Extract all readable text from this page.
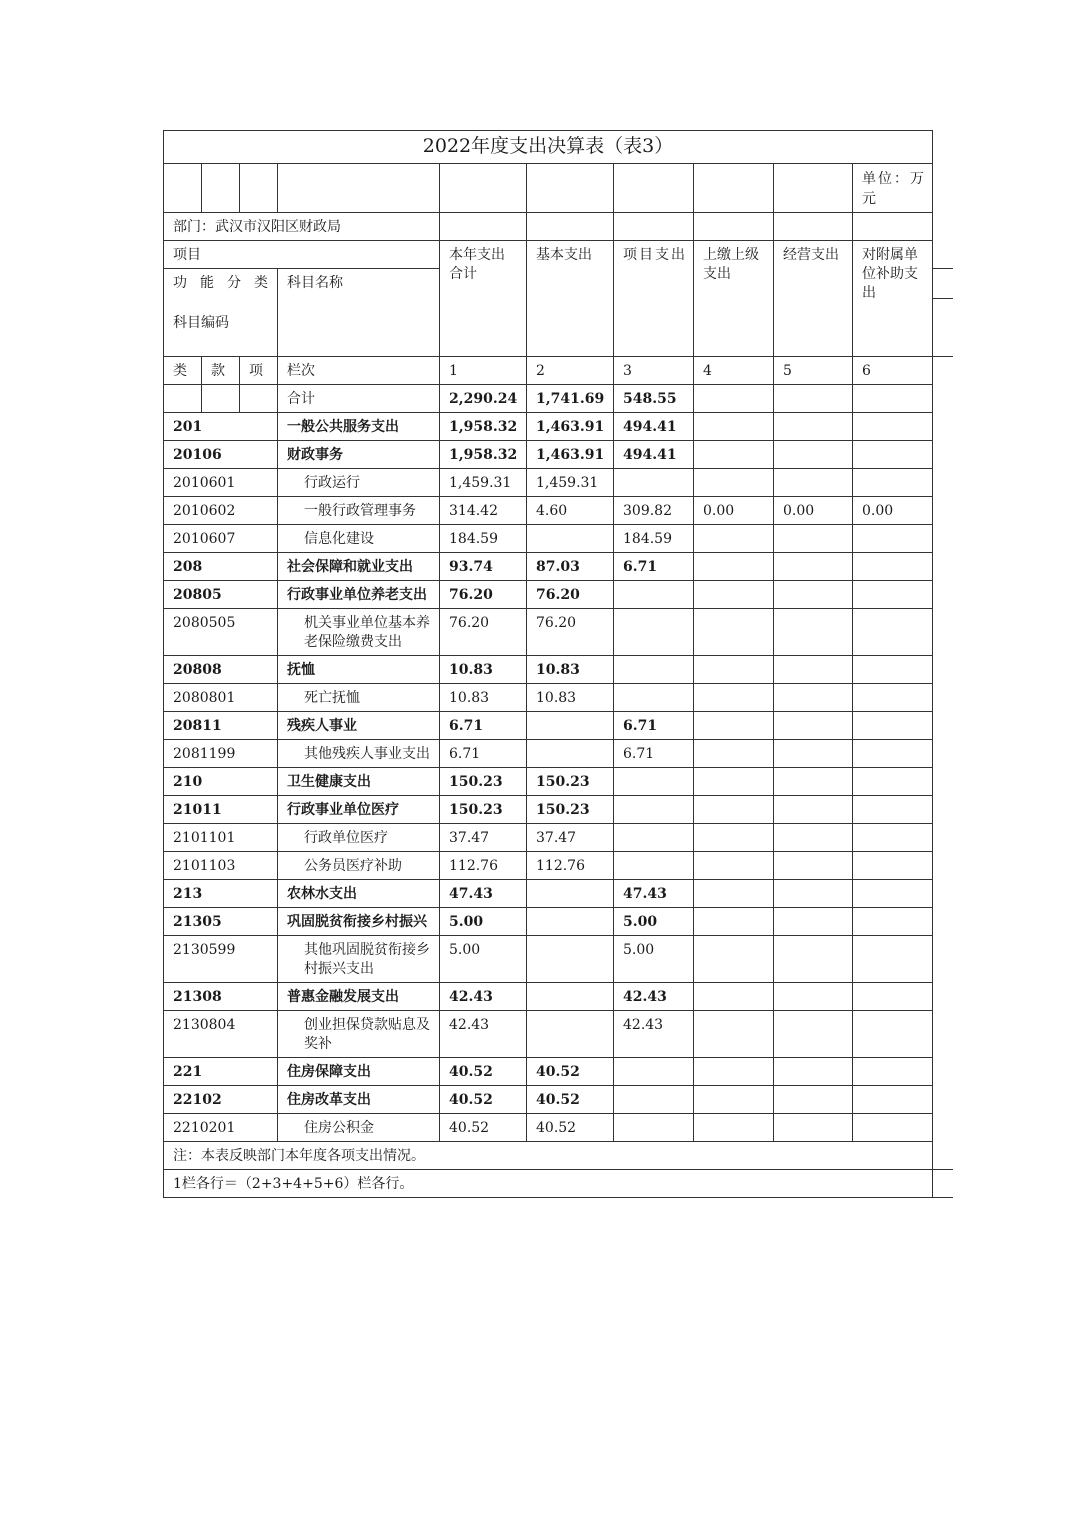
2022年度支出决算表（表3）										
									单位：万元	
部门：武汉市汉阳区财政局										
项目				本年支出合计	基本支出	项目支出	上缴上级支出	经营支出	对附属单位补助支出	

功能分类
科目编码			科目名称							

类	款	项	栏次	1	2	3	4	5	6	
			合计	2,290.24	1,741.69	548.55				
201			一般公共服务支出	1,958.32	1,463.91	494.41				
20106			财政事务	1,958.32	1,463.91	494.41				
2010601			行政运行	1,459.31	1,459.31					
2010602			一般行政管理事务	314.42	4.60	309.82	0.00	0.00	0.00	
2010607			信息化建设	184.59		184.59				
208			社会保障和就业支出	93.74	87.03	6.71				
20805			行政事业单位养老支出	76.20	76.20					
2080505			机关事业单位基本养老保险缴费支出	76.20	76.20					
20808			抚恤	10.83	10.83					
2080801			死亡抚恤	10.83	10.83					
20811			残疾人事业	6.71		6.71				
2081199			其他残疾人事业支出	6.71		6.71				
210			卫生健康支出	150.23	150.23					
21011			行政事业单位医疗	150.23	150.23					
2101101			行政单位医疗	37.47	37.47					
2101103			公务员医疗补助	112.76	112.76					
213			农林水支出	47.43		47.43				
21305			巩固脱贫衔接乡村振兴	5.00		5.00				
2130599			其他巩固脱贫衔接乡村振兴支出	5.00		5.00				
21308			普惠金融发展支出	42.43		42.43				
2130804			创业担保贷款贴息及奖补	42.43		42.43				
221			住房保障支出	40.52	40.52					
22102			住房改革支出	40.52	40.52					
2210201			住房公积金	40.52	40.52					
注：本表反映部门本年度各项支出情况。										
1栏各行＝（2+3+4+5+6）栏各行。										
